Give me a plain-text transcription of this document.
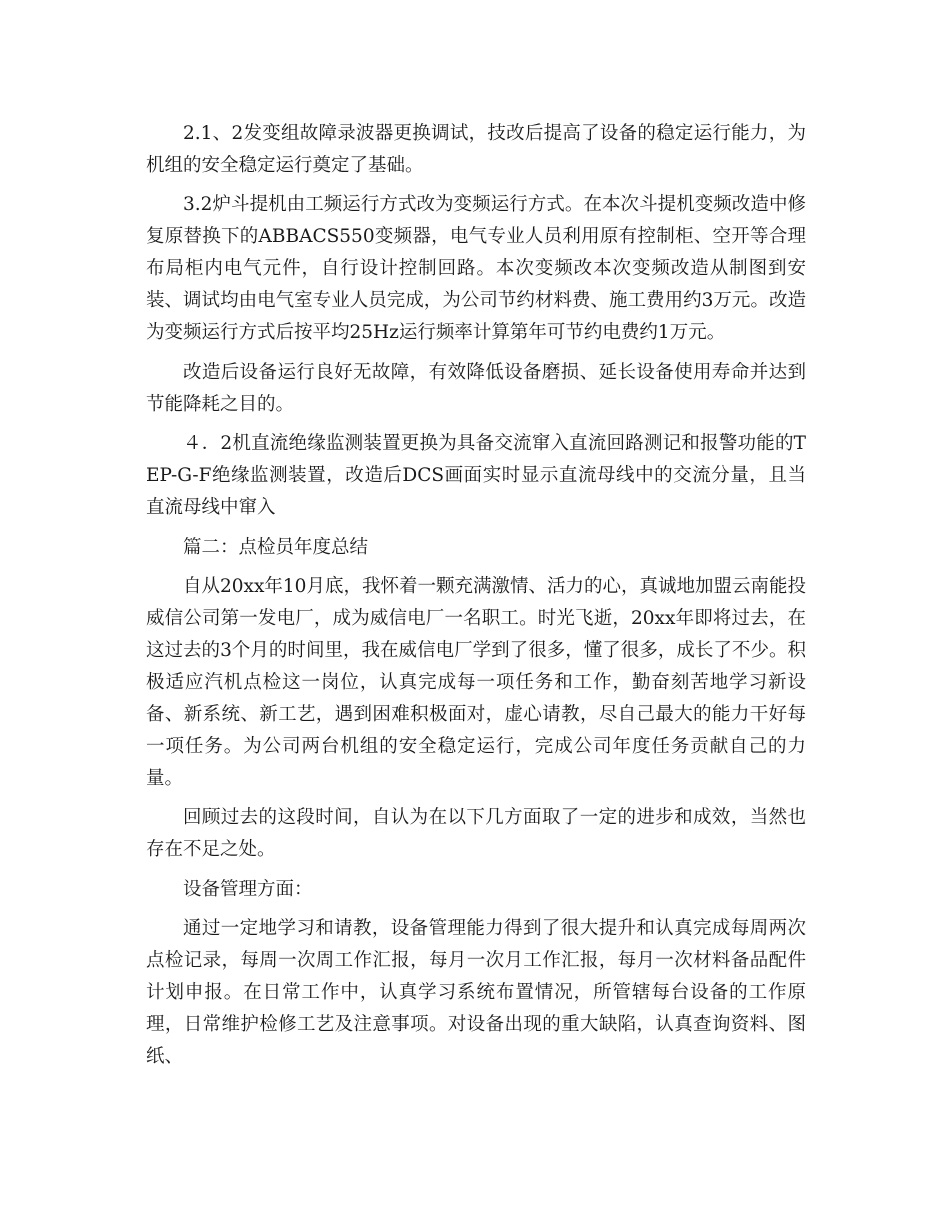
2.1、2发变组故障录波器更换调试，技改后提高了设备的稳定运行能力，为机组的安全稳定运行奠定了基础。

3.2炉斗提机由工频运行方式改为变频运行方式。在本次斗提机变频改造中修复原替换下的ABBACS550变频器，电气专业人员利用原有控制柜、空开等合理布局柜内电气元件，自行设计控制回路。本次变频改本次变频改造从制图到安装、调试均由电气室专业人员完成，为公司节约材料费、施工费用约3万元。改造为变频运行方式后按平均25Hz运行频率计算第年可节约电费约1万元。

改造后设备运行良好无故障，有效降低设备磨损、延长设备使用寿命并达到节能降耗之目的。

４．2机直流绝缘监测装置更换为具备交流窜入直流回路测记和报警功能的TEP-G-F绝缘监测装置，改造后DCS画面实时显示直流母线中的交流分量，且当直流母线中窜入

篇二：点检员年度总结

自从20xx年10月底，我怀着一颗充满激情、活力的心，真诚地加盟云南能投威信公司第一发电厂，成为威信电厂一名职工。时光飞逝，20xx年即将过去，在这过去的3个月的时间里，我在威信电厂学到了很多，懂了很多，成长了不少。积极适应汽机点检这一岗位，认真完成每一项任务和工作，勤奋刻苦地学习新设备、新系统、新工艺，遇到困难积极面对，虚心请教，尽自己最大的能力干好每一项任务。为公司两台机组的安全稳定运行，完成公司年度任务贡献自己的力量。

回顾过去的这段时间，自认为在以下几方面取了一定的进步和成效，当然也存在不足之处。

设备管理方面：

通过一定地学习和请教，设备管理能力得到了很大提升和认真完成每周两次点检记录，每周一次周工作汇报，每月一次月工作汇报，每月一次材料备品配件计划申报。在日常工作中，认真学习系统布置情况，所管辖每台设备的工作原理，日常维护检修工艺及注意事项。对设备出现的重大缺陷，认真查询资料、图纸、
